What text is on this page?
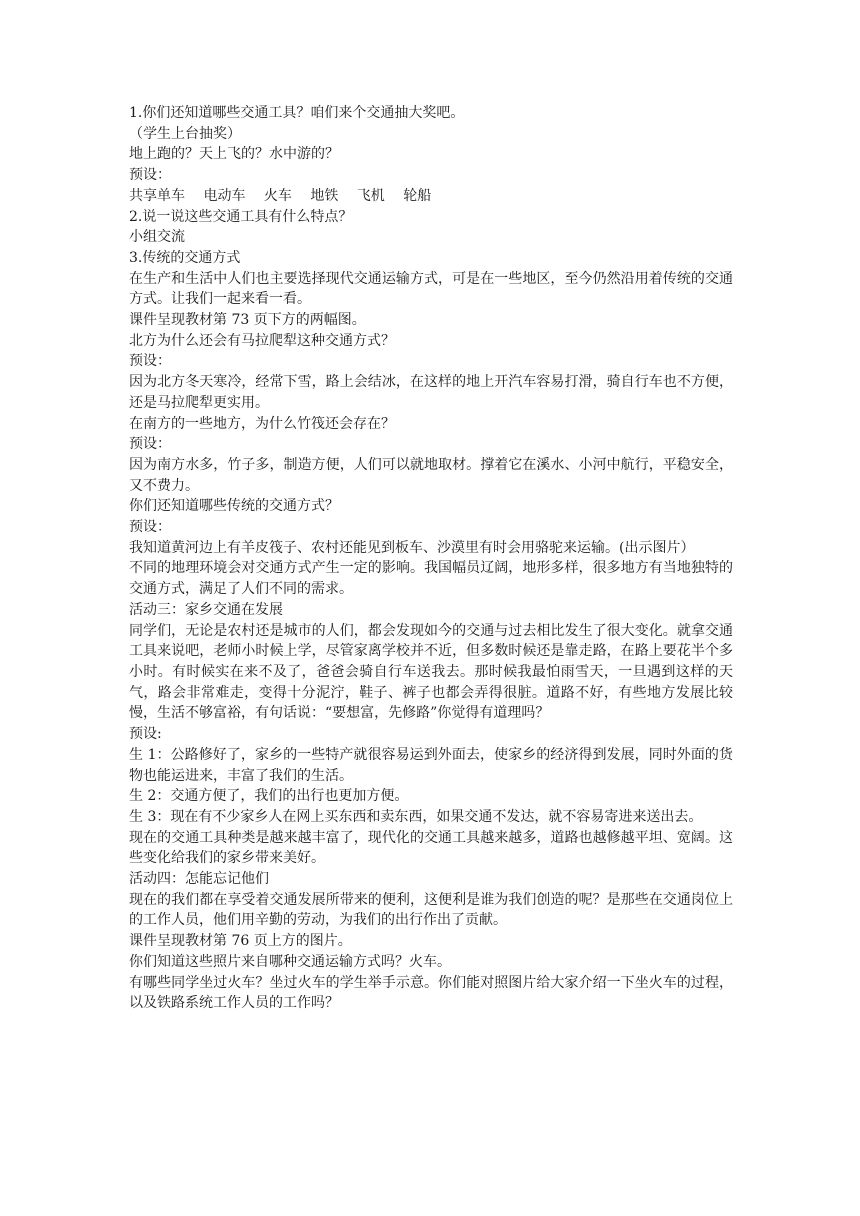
1.你们还知道哪些交通工具？咱们来个交通抽大奖吧。

（学生上台抽奖）

地上跑的？天上飞的？水中游的？

预设：

共享单车　 电动车　 火车　 地铁　 飞机　 轮船

2.说一说这些交通工具有什么特点？

小组交流

3.传统的交通方式

在生产和生活中人们也主要选择现代交通运输方式，可是在一些地区，至今仍然沿用着传统的交通方式。让我们一起来看一看。

课件呈现教材第 73 页下方的两幅图。

北方为什么还会有马拉爬犁这种交通方式？

预设：

因为北方冬天寒冷，经常下雪，路上会结冰，在这样的地上开汽车容易打滑，骑自行车也不方便，还是马拉爬犁更实用。

在南方的一些地方，为什么竹筏还会存在？

预设：

因为南方水多，竹子多，制造方便，人们可以就地取材。撑着它在溪水、小河中航行，平稳安全，又不费力。

你们还知道哪些传统的交通方式？

预设：

我知道黄河边上有羊皮筏子、农村还能见到板车、沙漠里有时会用骆驼来运输。(出示图片）

不同的地理环境会对交通方式产生一定的影响。我国幅员辽阔，地形多样，很多地方有当地独特的交通方式，满足了人们不同的需求。

活动三：家乡交通在发展

同学们，无论是农村还是城市的人们，都会发现如今的交通与过去相比发生了很大变化。就拿交通工具来说吧，老师小时候上学，尽管家离学校并不近，但多数时候还是靠走路，在路上要花半个多小时。有时候实在来不及了，爸爸会骑自行车送我去。那时候我最怕雨雪天，一旦遇到这样的天气，路会非常难走，变得十分泥泞，鞋子、裤子也都会弄得很脏。道路不好，有些地方发展比较慢，生活不够富裕，有句话说：“要想富，先修路”你觉得有道理吗？

预设:

生 1：公路修好了，家乡的一些特产就很容易运到外面去，使家乡的经济得到发展，同时外面的货物也能运进来，丰富了我们的生活。

生 2：交通方便了，我们的出行也更加方便。

生 3：现在有不少家乡人在网上买东西和卖东西，如果交通不发达，就不容易寄进来送出去。

现在的交通工具种类是越来越丰富了，现代化的交通工具越来越多，道路也越修越平坦、宽阔。这些变化给我们的家乡带来美好。

活动四：怎能忘记他们

现在的我们都在享受着交通发展所带来的便利，这便利是谁为我们创造的呢？是那些在交通岗位上的工作人员，他们用辛勤的劳动，为我们的出行作出了贡献。

课件呈现教材第 76 页上方的图片。

你们知道这些照片来自哪种交通运输方式吗？火车。

有哪些同学坐过火车？坐过火车的学生举手示意。你们能对照图片给大家介绍一下坐火车的过程，以及铁路系统工作人员的工作吗？
